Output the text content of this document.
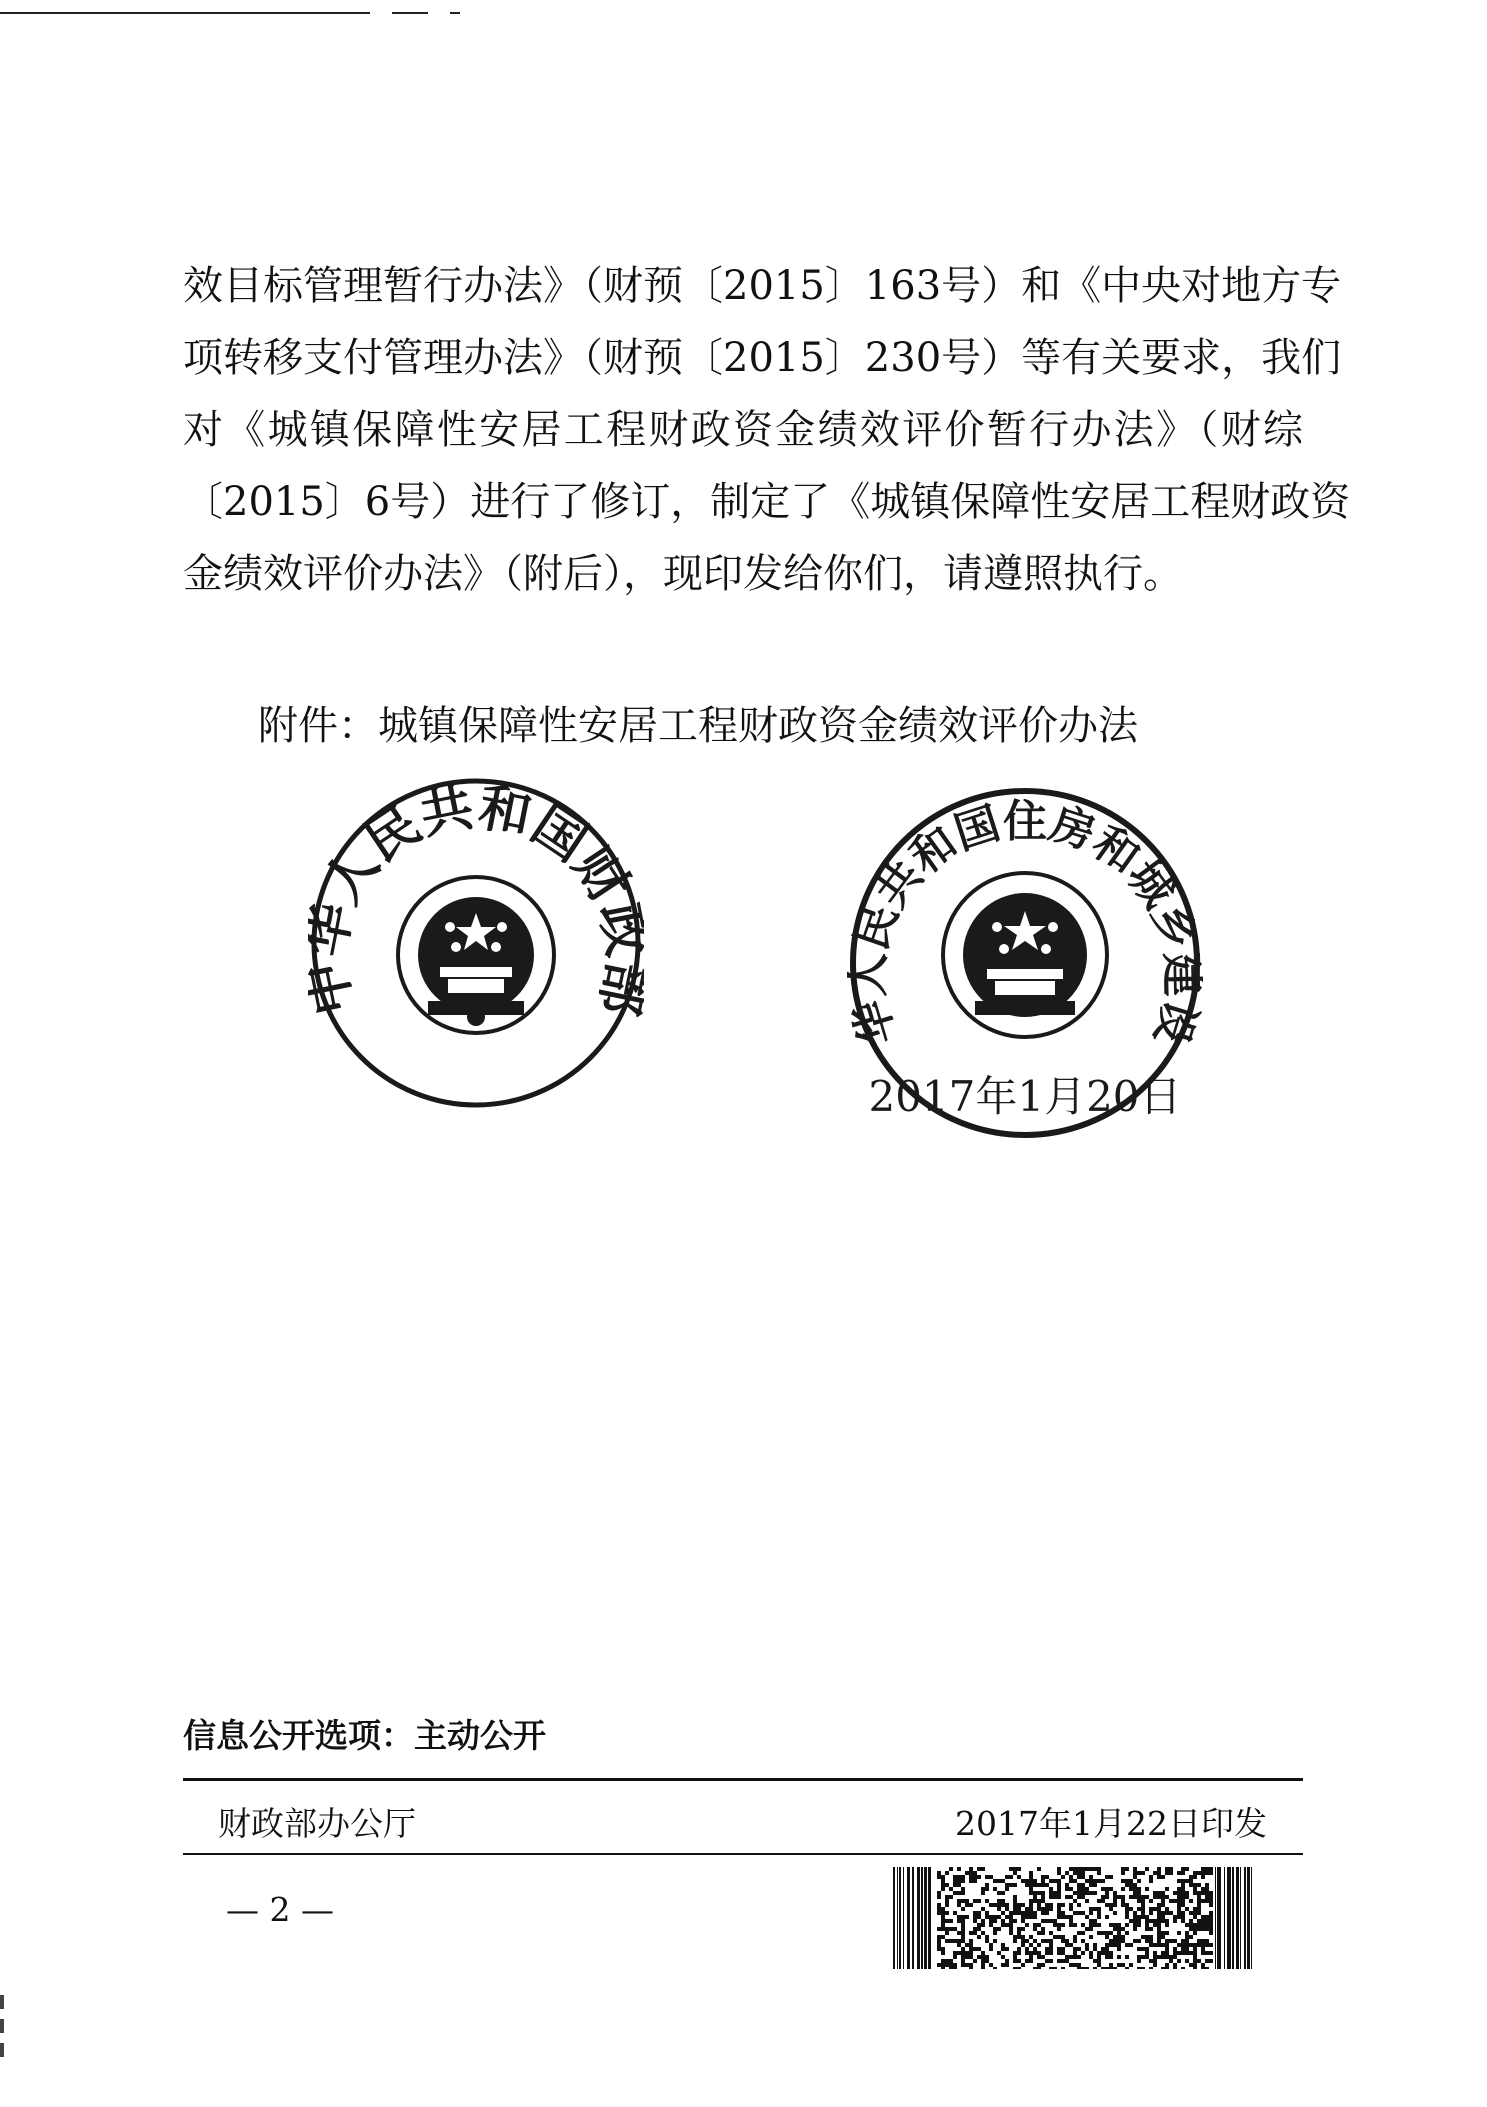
效目标管理暂行办法》（财预〔2015〕163号）和《中央对地方专
项转移支付管理办法》（财预〔2015〕230号）等有关要求，我们
对《城镇保障性安居工程财政资金绩效评价暂行办法》（财综
〔2015〕6号）进行了修订，制定了《城镇保障性安居工程财政资
金绩效评价办法》（附后），现印发给你们，请遵照执行。
附件：城镇保障性安居工程财政资金绩效评价办法
人民共和国财
华人民共和国住房和城乡建设
2017年1月20日
信息公开选项：主动公开
财政部办公厅	2017年1月22日印发
— 2 —
